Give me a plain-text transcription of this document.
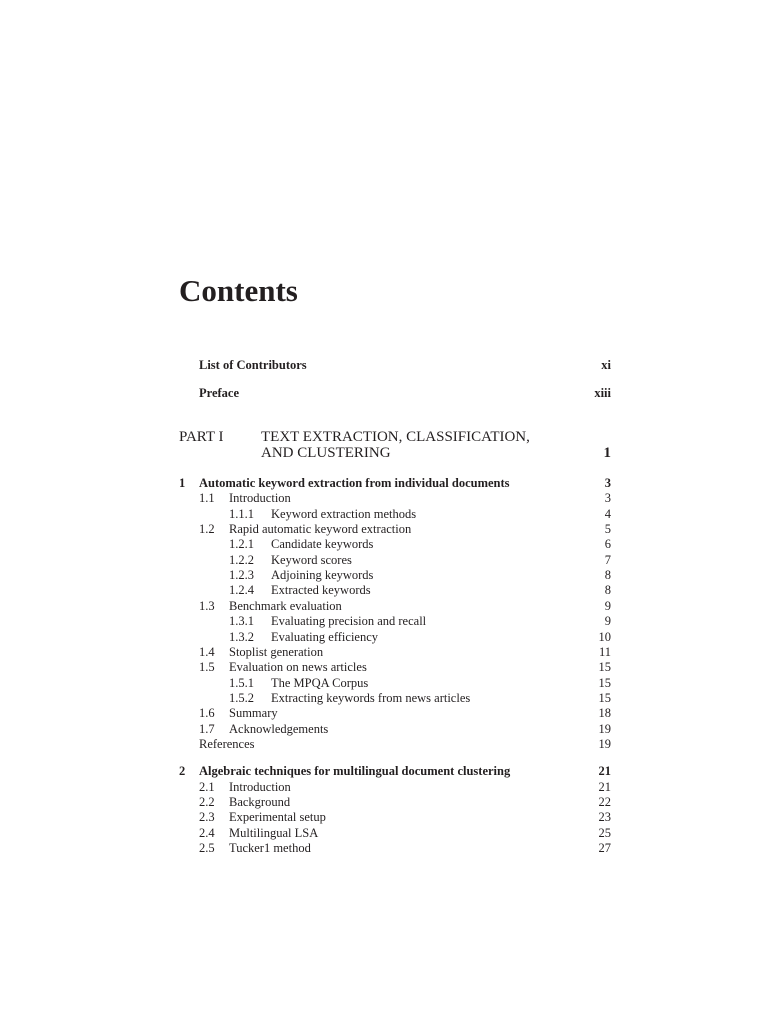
Contents
List of Contributors	xi
Preface	xiii
PART I TEXT EXTRACTION, CLASSIFICATION,
AND CLUSTERING	1
1 Automatic keyword extraction from individual documents	3
1.1 Introduction	3
1.1.1 Keyword extraction methods	4
1.2 Rapid automatic keyword extraction	5
1.2.1 Candidate keywords	6
1.2.2 Keyword scores	7
1.2.3 Adjoining keywords	8
1.2.4 Extracted keywords	8
1.3 Benchmark evaluation	9
1.3.1 Evaluating precision and recall	9
1.3.2 Evaluating efficiency	10
1.4 Stoplist generation	11
1.5 Evaluation on news articles	15
1.5.1 The MPQA Corpus	15
1.5.2 Extracting keywords from news articles	15
1.6 Summary	18
1.7 Acknowledgements	19
References	19
2 Algebraic techniques for multilingual document clustering	21
2.1 Introduction	21
2.2 Background	22
2.3 Experimental setup	23
2.4 Multilingual LSA	25
2.5 Tucker1 method	27
